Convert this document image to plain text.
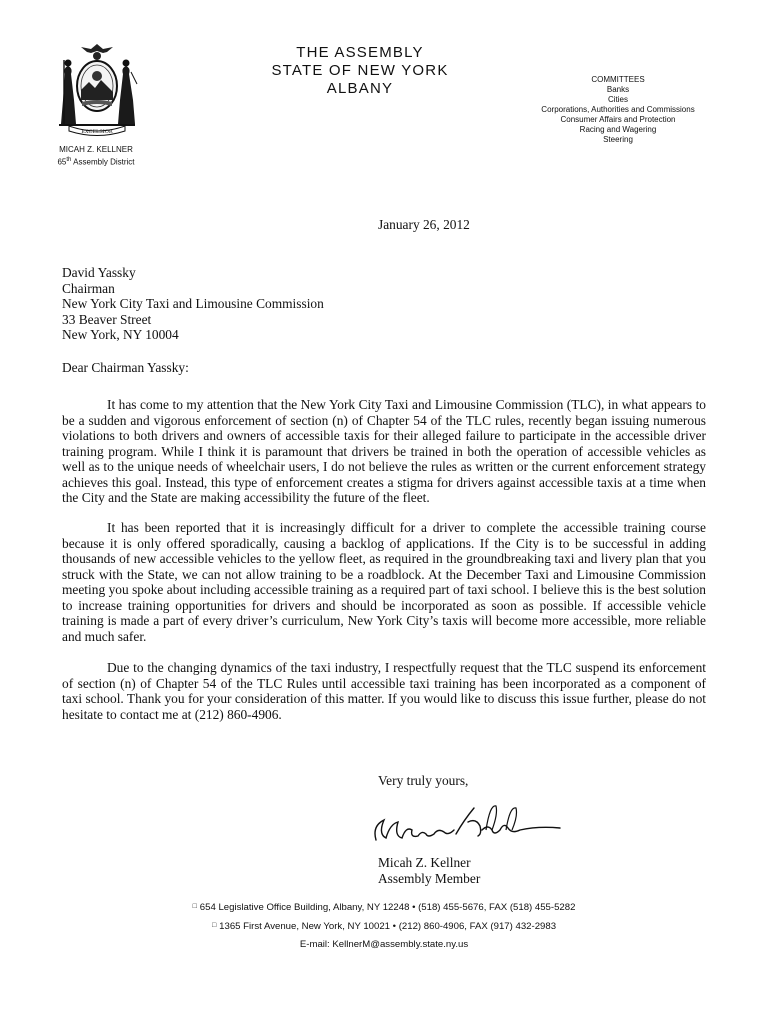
EXCELSIOR
MICAH Z. KELLNER
65th Assembly District
THE ASSEMBLY
STATE OF NEW YORK
ALBANY
COMMITTEES
Banks
Cities
Corporations, Authorities and Commissions
Consumer Affairs and Protection
Racing and Wagering
Steering
January 26, 2012
David Yassky
Chairman
New York City Taxi and Limousine Commission
33 Beaver Street
New York, NY 10004
Dear Chairman Yassky:
It has come to my attention that the New York City Taxi and Limousine Commission (TLC), in what appears to be a sudden and vigorous enforcement of section (n) of Chapter 54 of the TLC rules, recently began issuing numerous violations to both drivers and owners of accessible taxis for their alleged failure to participate in the accessible driver training program. While I think it is paramount that drivers be trained in both the operation of accessible vehicles as well as to the unique needs of wheelchair users, I do not believe the rules as written or the current enforcement strategy achieves this goal. Instead, this type of enforcement creates a stigma for drivers against accessible taxis at a time when the City and the State are making accessibility the future of the fleet.
It has been reported that it is increasingly difficult for a driver to complete the accessible training course because it is only offered sporadically, causing a backlog of applications. If the City is to be successful in adding thousands of new accessible vehicles to the yellow fleet, as required in the groundbreaking taxi and livery plan that you struck with the State, we can not allow training to be a roadblock. At the December Taxi and Limousine Commission meeting you spoke about including accessible training as a required part of taxi school. I believe this is the best solution to increase training opportunities for drivers and should be incorporated as soon as possible. If accessible vehicle training is made a part of every driver’s curriculum, New York City’s taxis will become more accessible, more reliable and much safer.
Due to the changing dynamics of the taxi industry, I respectfully request that the TLC suspend its enforcement of section (n) of Chapter 54 of the TLC Rules until accessible taxi training has been incorporated as a component of taxi school. Thank you for your consideration of this matter. If you would like to discuss this issue further, please do not hesitate to contact me at (212) 860-4906.
Very truly yours,
Micah Z. Kellner
Assembly Member
□ 654 Legislative Office Building, Albany, NY 12248 • (518) 455-5676, FAX (518) 455-5282
□ 1365 First Avenue, New York, NY 10021 • (212) 860-4906, FAX (917) 432-2983
E-mail: KellnerM@assembly.state.ny.us
